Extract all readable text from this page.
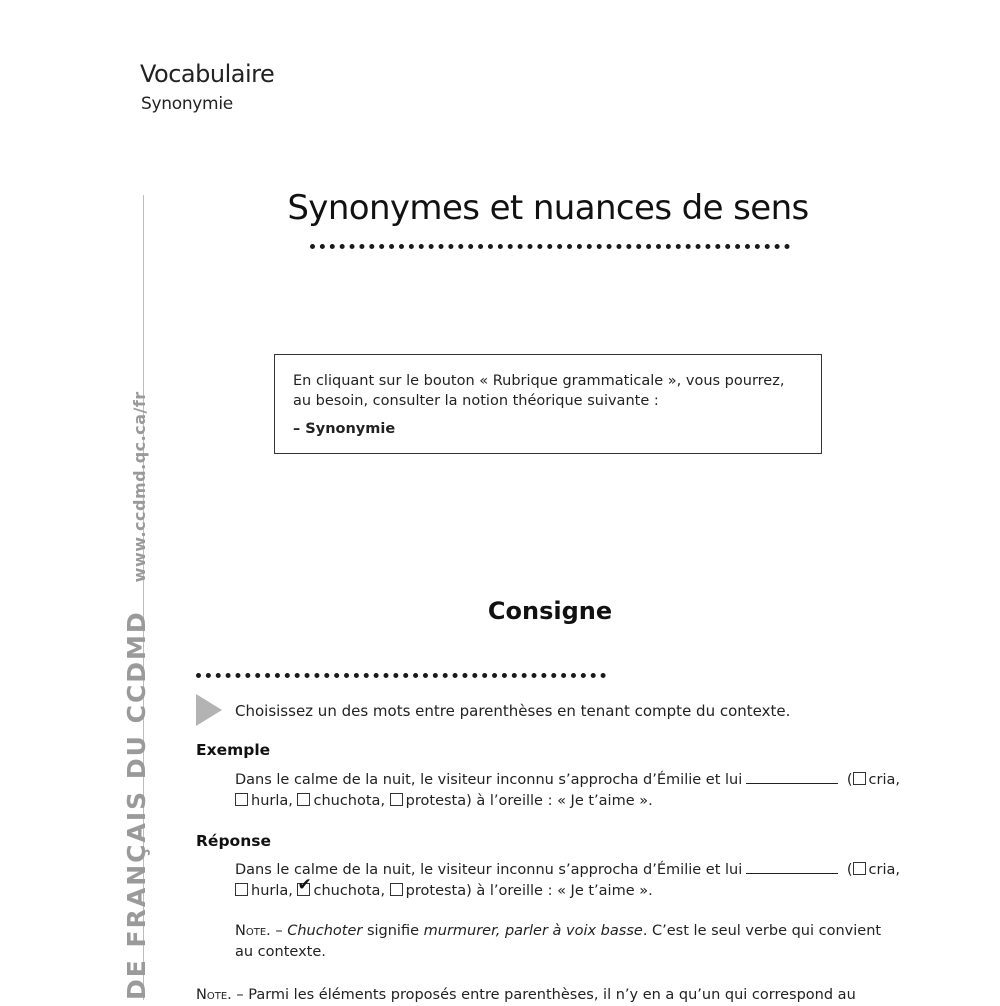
Vocabulaire
Synonymie
DE FRANÇAIS DU CCDMDwww.ccdmd.qc.ca/fr
Synonymes et nuances de sens
En cliquant sur le bouton « Rubrique grammaticale », vous pourrez,
au besoin, consulter la notion théorique suivante :
– Synonymie
Consigne
Choisissez un des mots entre parenthèses en tenant compte du contexte.
Exemple
Dans le calme de la nuit, le visiteur inconnu s’approcha d’Émilie et lui	( cria, hurla, chuchota, protesta) à l’oreille : « Je t’aime ».
Réponse
Dans le calme de la nuit, le visiteur inconnu s’approcha d’Émilie et lui	( cria, hurla, ✔ chuchota, protesta) à l’oreille : « Je t’aime ».
Note. – Chuchoter signifie murmurer, parler à voix basse. C’est le seul verbe qui convient au contexte.
Note. – Parmi les éléments proposés entre parenthèses, il n’y en a qu’un qui correspond au
